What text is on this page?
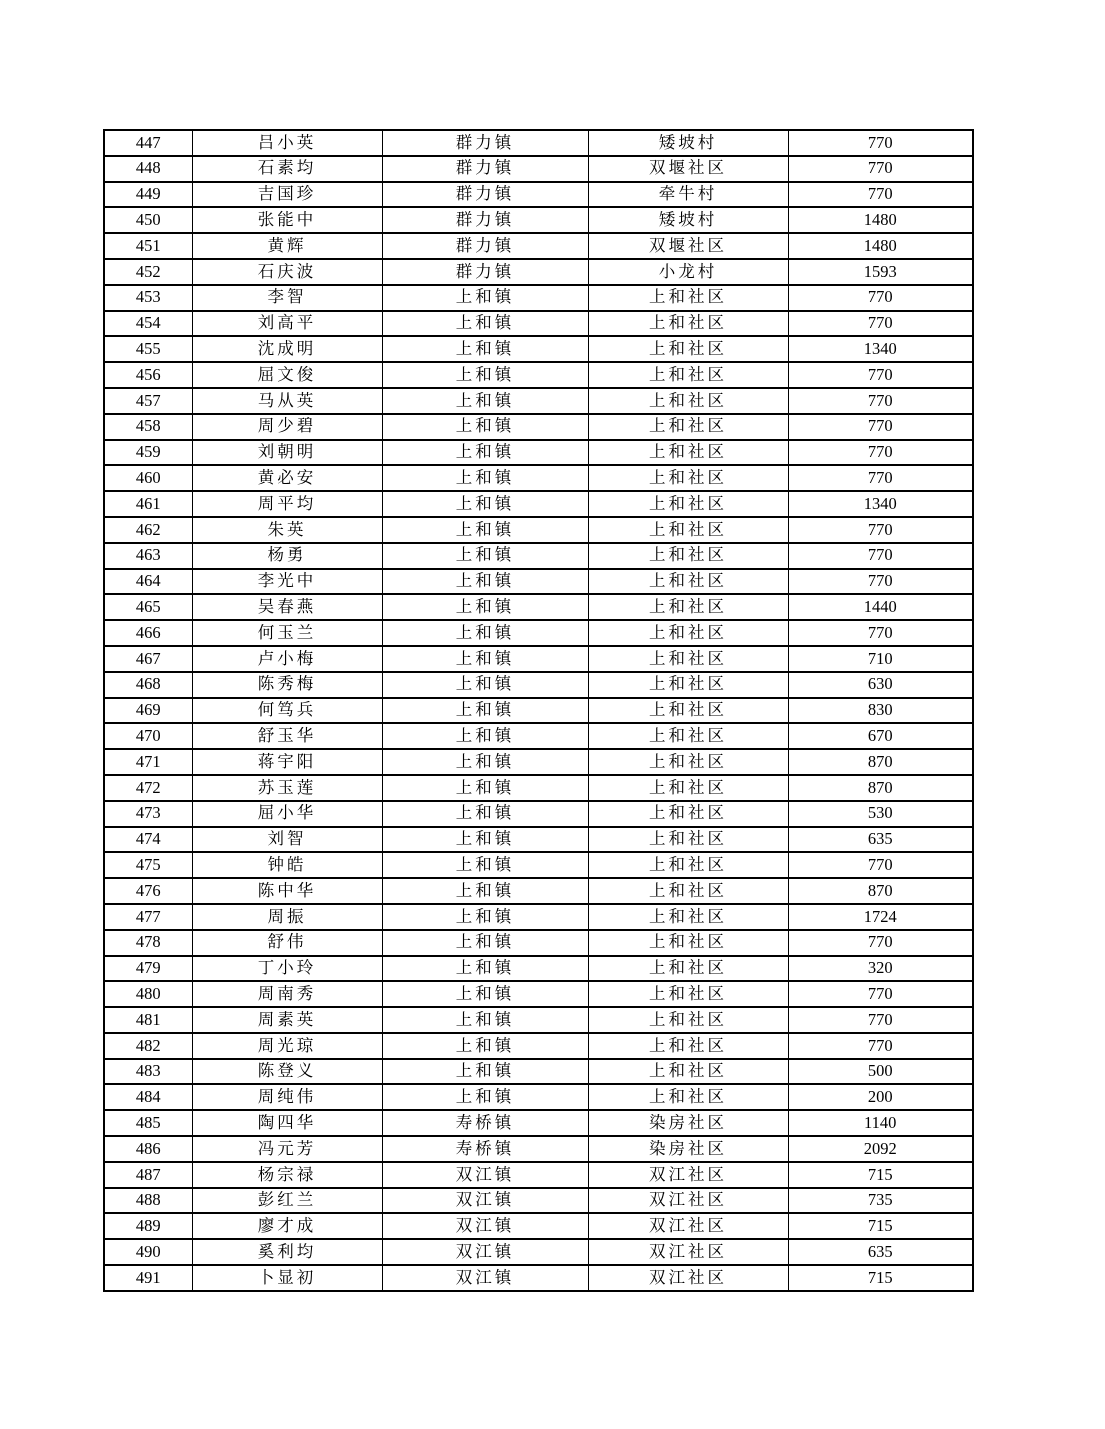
447	吕小英	群力镇	矮坡村	770
448	石素均	群力镇	双堰社区	770
449	吉国珍	群力镇	牵牛村	770
450	张能中	群力镇	矮坡村	1480
451	黄辉	群力镇	双堰社区	1480
452	石庆波	群力镇	小龙村	1593
453	李智	上和镇	上和社区	770
454	刘高平	上和镇	上和社区	770
455	沈成明	上和镇	上和社区	1340
456	屈文俊	上和镇	上和社区	770
457	马从英	上和镇	上和社区	770
458	周少碧	上和镇	上和社区	770
459	刘朝明	上和镇	上和社区	770
460	黄必安	上和镇	上和社区	770
461	周平均	上和镇	上和社区	1340
462	朱英	上和镇	上和社区	770
463	杨勇	上和镇	上和社区	770
464	李光中	上和镇	上和社区	770
465	吴春燕	上和镇	上和社区	1440
466	何玉兰	上和镇	上和社区	770
467	卢小梅	上和镇	上和社区	710
468	陈秀梅	上和镇	上和社区	630
469	何笃兵	上和镇	上和社区	830
470	舒玉华	上和镇	上和社区	670
471	蒋宇阳	上和镇	上和社区	870
472	苏玉莲	上和镇	上和社区	870
473	屈小华	上和镇	上和社区	530
474	刘智	上和镇	上和社区	635
475	钟皓	上和镇	上和社区	770
476	陈中华	上和镇	上和社区	870
477	周振	上和镇	上和社区	1724
478	舒伟	上和镇	上和社区	770
479	丁小玲	上和镇	上和社区	320
480	周南秀	上和镇	上和社区	770
481	周素英	上和镇	上和社区	770
482	周光琼	上和镇	上和社区	770
483	陈登义	上和镇	上和社区	500
484	周纯伟	上和镇	上和社区	200
485	陶四华	寿桥镇	染房社区	1140
486	冯元芳	寿桥镇	染房社区	2092
487	杨宗禄	双江镇	双江社区	715
488	彭红兰	双江镇	双江社区	735
489	廖才成	双江镇	双江社区	715
490	奚利均	双江镇	双江社区	635
491	卜显初	双江镇	双江社区	715
